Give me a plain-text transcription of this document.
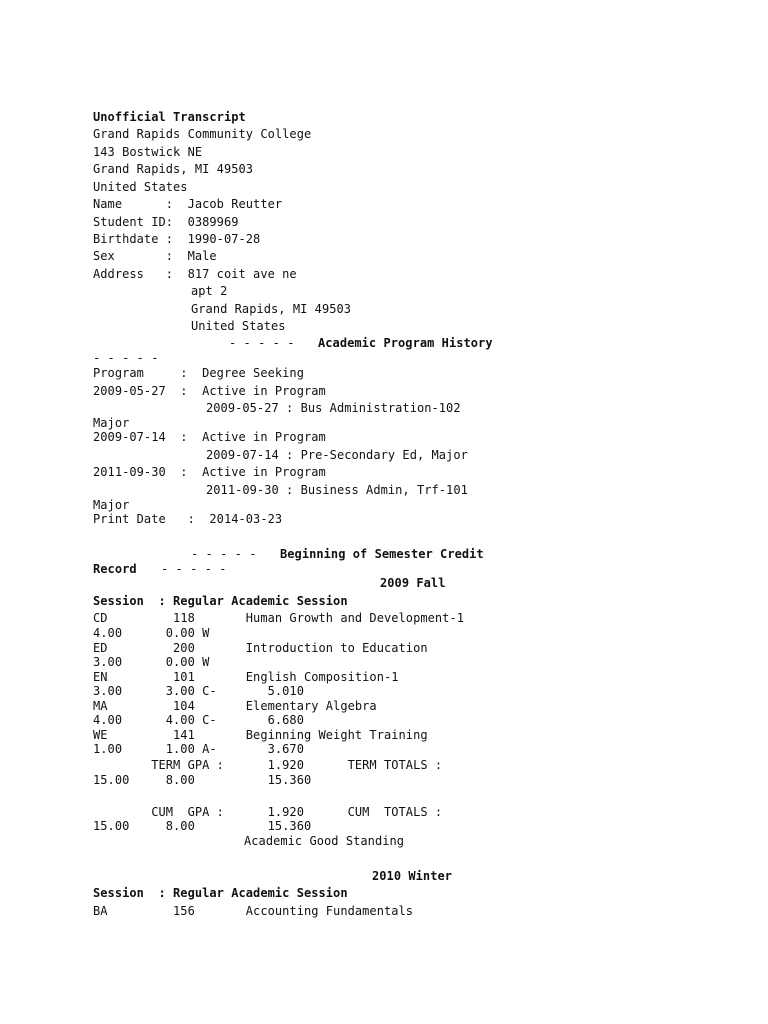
Unofficial Transcript
Grand Rapids Community College
143 Bostwick NE
Grand Rapids, MI 49503
United States
Name      :  Jacob Reutter
Student ID:  0389969
Birthdate :  1990-07-28
Sex       :  Male
Address   :  817 coit ave ne
apt 2
Grand Rapids, MI 49503
United States
- - - - - Academic Program History
- - - - -
Program     :  Degree Seeking
2009-05-27  :  Active in Program
2009-05-27 : Bus Administration-102
Major
2009-07-14  :  Active in Program
2009-07-14 : Pre-Secondary Ed, Major
2011-09-30  :  Active in Program
2011-09-30 : Business Admin, Trf-101
Major
Print Date   :  2014-03-23
- - - - - Beginning of Semester Credit
Record - - - - -
2009 Fall
Session  : Regular Academic Session
CD         118       Human Growth and Development-1
4.00      0.00 W
ED         200       Introduction to Education
3.00      0.00 W
EN         101       English Composition-1
3.00      3.00 C-       5.010
MA         104       Elementary Algebra
4.00      4.00 C-       6.680
WE         141       Beginning Weight Training
1.00      1.00 A-       3.670
TERM GPA :      1.920      TERM TOTALS :
15.00     8.00          15.360
CUM  GPA :      1.920      CUM  TOTALS :
15.00     8.00          15.360
Academic Good Standing
2010 Winter
Session  : Regular Academic Session
BA         156       Accounting Fundamentals
